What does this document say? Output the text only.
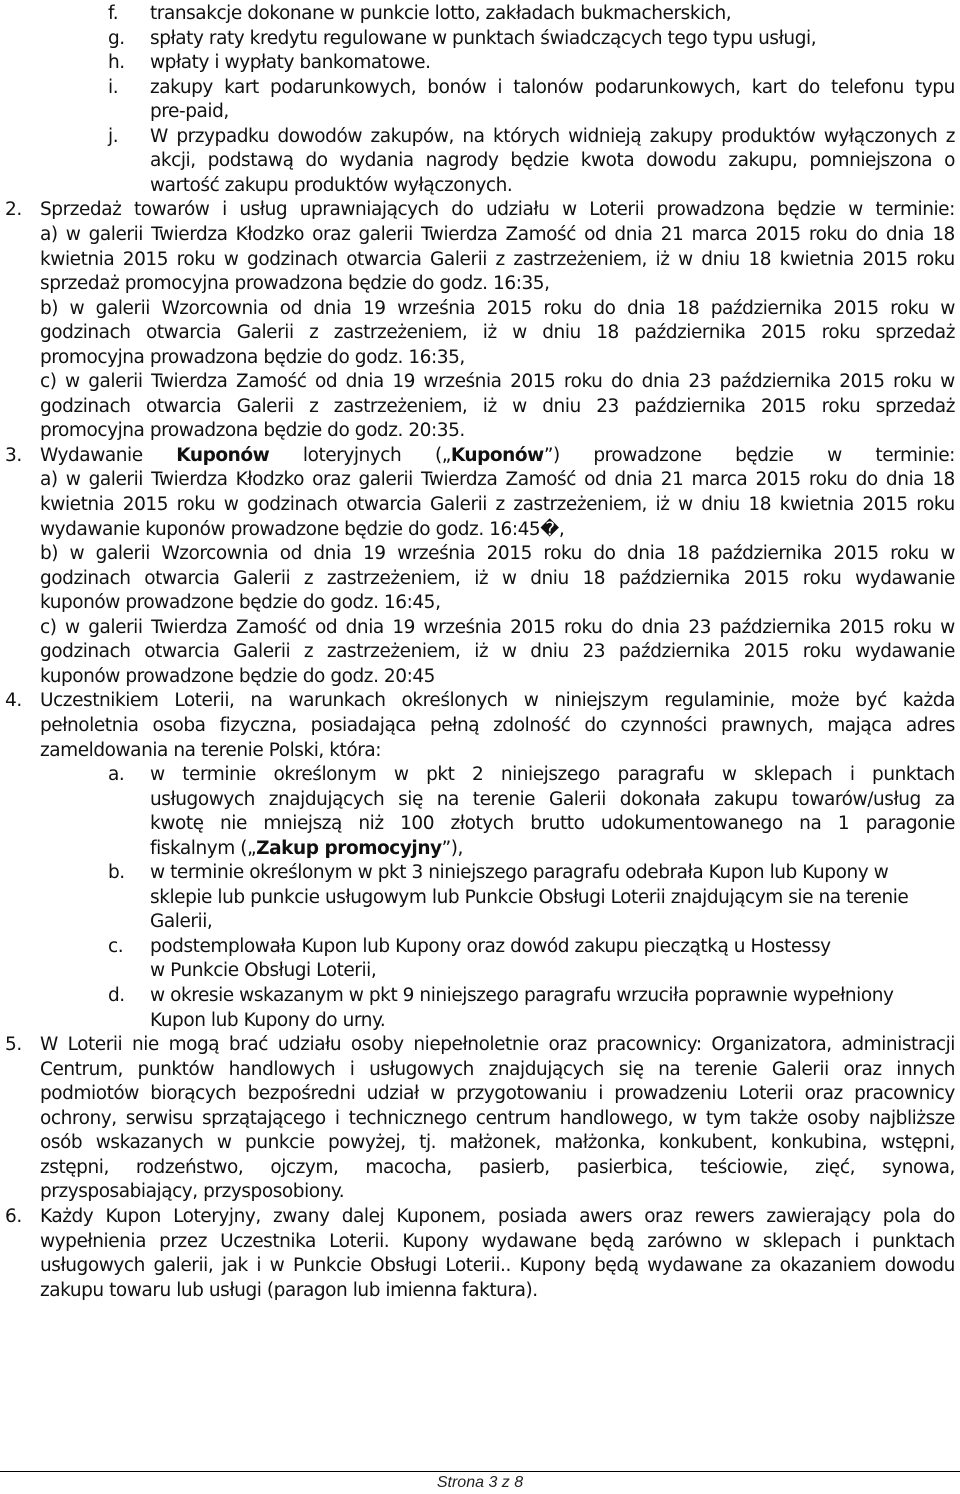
f. transakcje dokonane w punkcie lotto, zakładach bukmacherskich,
g. spłaty raty kredytu regulowane w punktach świadczących tego typu usługi,
h. wpłaty i wypłaty bankomatowe.
i. zakupy kart podarunkowych, bonów i talonów podarunkowych, kart do telefonu typu
pre-paid,
j. W przypadku dowodów zakupów, na których widnieją zakupy produktów wyłączonych z
akcji, podstawą do wydania nagrody będzie kwota dowodu zakupu, pomniejszona o
wartość zakupu produktów wyłączonych.
2. Sprzedaż towarów i usług uprawniających do udziału w Loterii prowadzona będzie w terminie:
a) w galerii Twierdza Kłodzko oraz galerii Twierdza Zamość od dnia 21 marca 2015 roku do dnia 18
kwietnia 2015 roku w godzinach otwarcia Galerii z zastrzeżeniem, iż w dniu 18 kwietnia 2015 roku
sprzedaż promocyjna prowadzona będzie do godz. 16:35,
b) w galerii Wzorcownia od dnia 19 września 2015 roku do dnia 18 października 2015 roku w
godzinach otwarcia Galerii z zastrzeżeniem, iż w dniu 18 października 2015 roku sprzedaż
promocyjna prowadzona będzie do godz. 16:35,
c) w galerii Twierdza Zamość od dnia 19 września 2015 roku do dnia 23 października 2015 roku w
godzinach otwarcia Galerii z zastrzeżeniem, iż w dniu 23 października 2015 roku sprzedaż
promocyjna prowadzona będzie do godz. 20:35.
3. Wydawanie Kuponów loteryjnych („Kuponów”) prowadzone będzie w terminie:
a) w galerii Twierdza Kłodzko oraz galerii Twierdza Zamość od dnia 21 marca 2015 roku do dnia 18
kwietnia 2015 roku w godzinach otwarcia Galerii z zastrzeżeniem, iż w dniu 18 kwietnia 2015 roku
wydawanie kuponów prowadzone będzie do godz. 16:45�‚
b) w galerii Wzorcownia od dnia 19 września 2015 roku do dnia 18 października 2015 roku w
godzinach otwarcia Galerii z zastrzeżeniem, iż w dniu 18 października 2015 roku wydawanie
kuponów prowadzone będzie do godz. 16:45‚
c) w galerii Twierdza Zamość od dnia 19 września 2015 roku do dnia 23 października 2015 roku w
godzinach otwarcia Galerii z zastrzeżeniem, iż w dniu 23 października 2015 roku wydawanie
kuponów prowadzone będzie do godz. 20:45
4. Uczestnikiem Loterii, na warunkach określonych w niniejszym regulaminie, może być każda
pełnoletnia osoba fizyczna, posiadająca pełną zdolność do czynności prawnych, mająca adres
zameldowania na terenie Polski, która:
a. w terminie określonym w pkt 2 niniejszego paragrafu w sklepach i punktach
usługowych znajdujących się na terenie Galerii dokonała zakupu towarów/usług za
kwotę nie mniejszą niż 100 złotych brutto udokumentowanego na 1 paragonie
fiskalnym („Zakup promocyjny”),
b. w terminie określonym w pkt 3 niniejszego paragrafu odebrała Kupon lub Kupony w
sklepie lub punkcie usługowym lub Punkcie Obsługi Loterii znajdującym sie na terenie
Galerii,
c. podstemplowała Kupon lub Kupony oraz dowód zakupu pieczątką u Hostessy
w Punkcie Obsługi Loterii,
d. w okresie wskazanym w pkt 9 niniejszego paragrafu wrzuciła poprawnie wypełniony
Kupon lub Kupony do urny.
5. W Loterii nie mogą brać udziału osoby niepełnoletnie oraz pracownicy: Organizatora, administracji
Centrum, punktów handlowych i usługowych znajdujących się na terenie Galerii oraz innych
podmiotów biorących bezpośredni udział w przygotowaniu i prowadzeniu Loterii oraz pracownicy
ochrony, serwisu sprzątającego i technicznego centrum handlowego, w tym także osoby najbliższe
osób wskazanych w punkcie powyżej, tj. małżonek, małżonka, konkubent, konkubina, wstępni,
zstępni, rodzeństwo, ojczym, macocha, pasierb, pasierbica, teściowie, zięć, synowa,
przysposabiający, przysposobiony.
6. Każdy Kupon Loteryjny, zwany dalej Kuponem, posiada awers oraz rewers zawierający pola do
wypełnienia przez Uczestnika Loterii. Kupony wydawane będą zarówno w sklepach i punktach
usługowych galerii, jak i w Punkcie Obsługi Loterii.. Kupony będą wydawane za okazaniem dowodu
zakupu towaru lub usługi (paragon lub imienna faktura).
Strona 3 z 8
